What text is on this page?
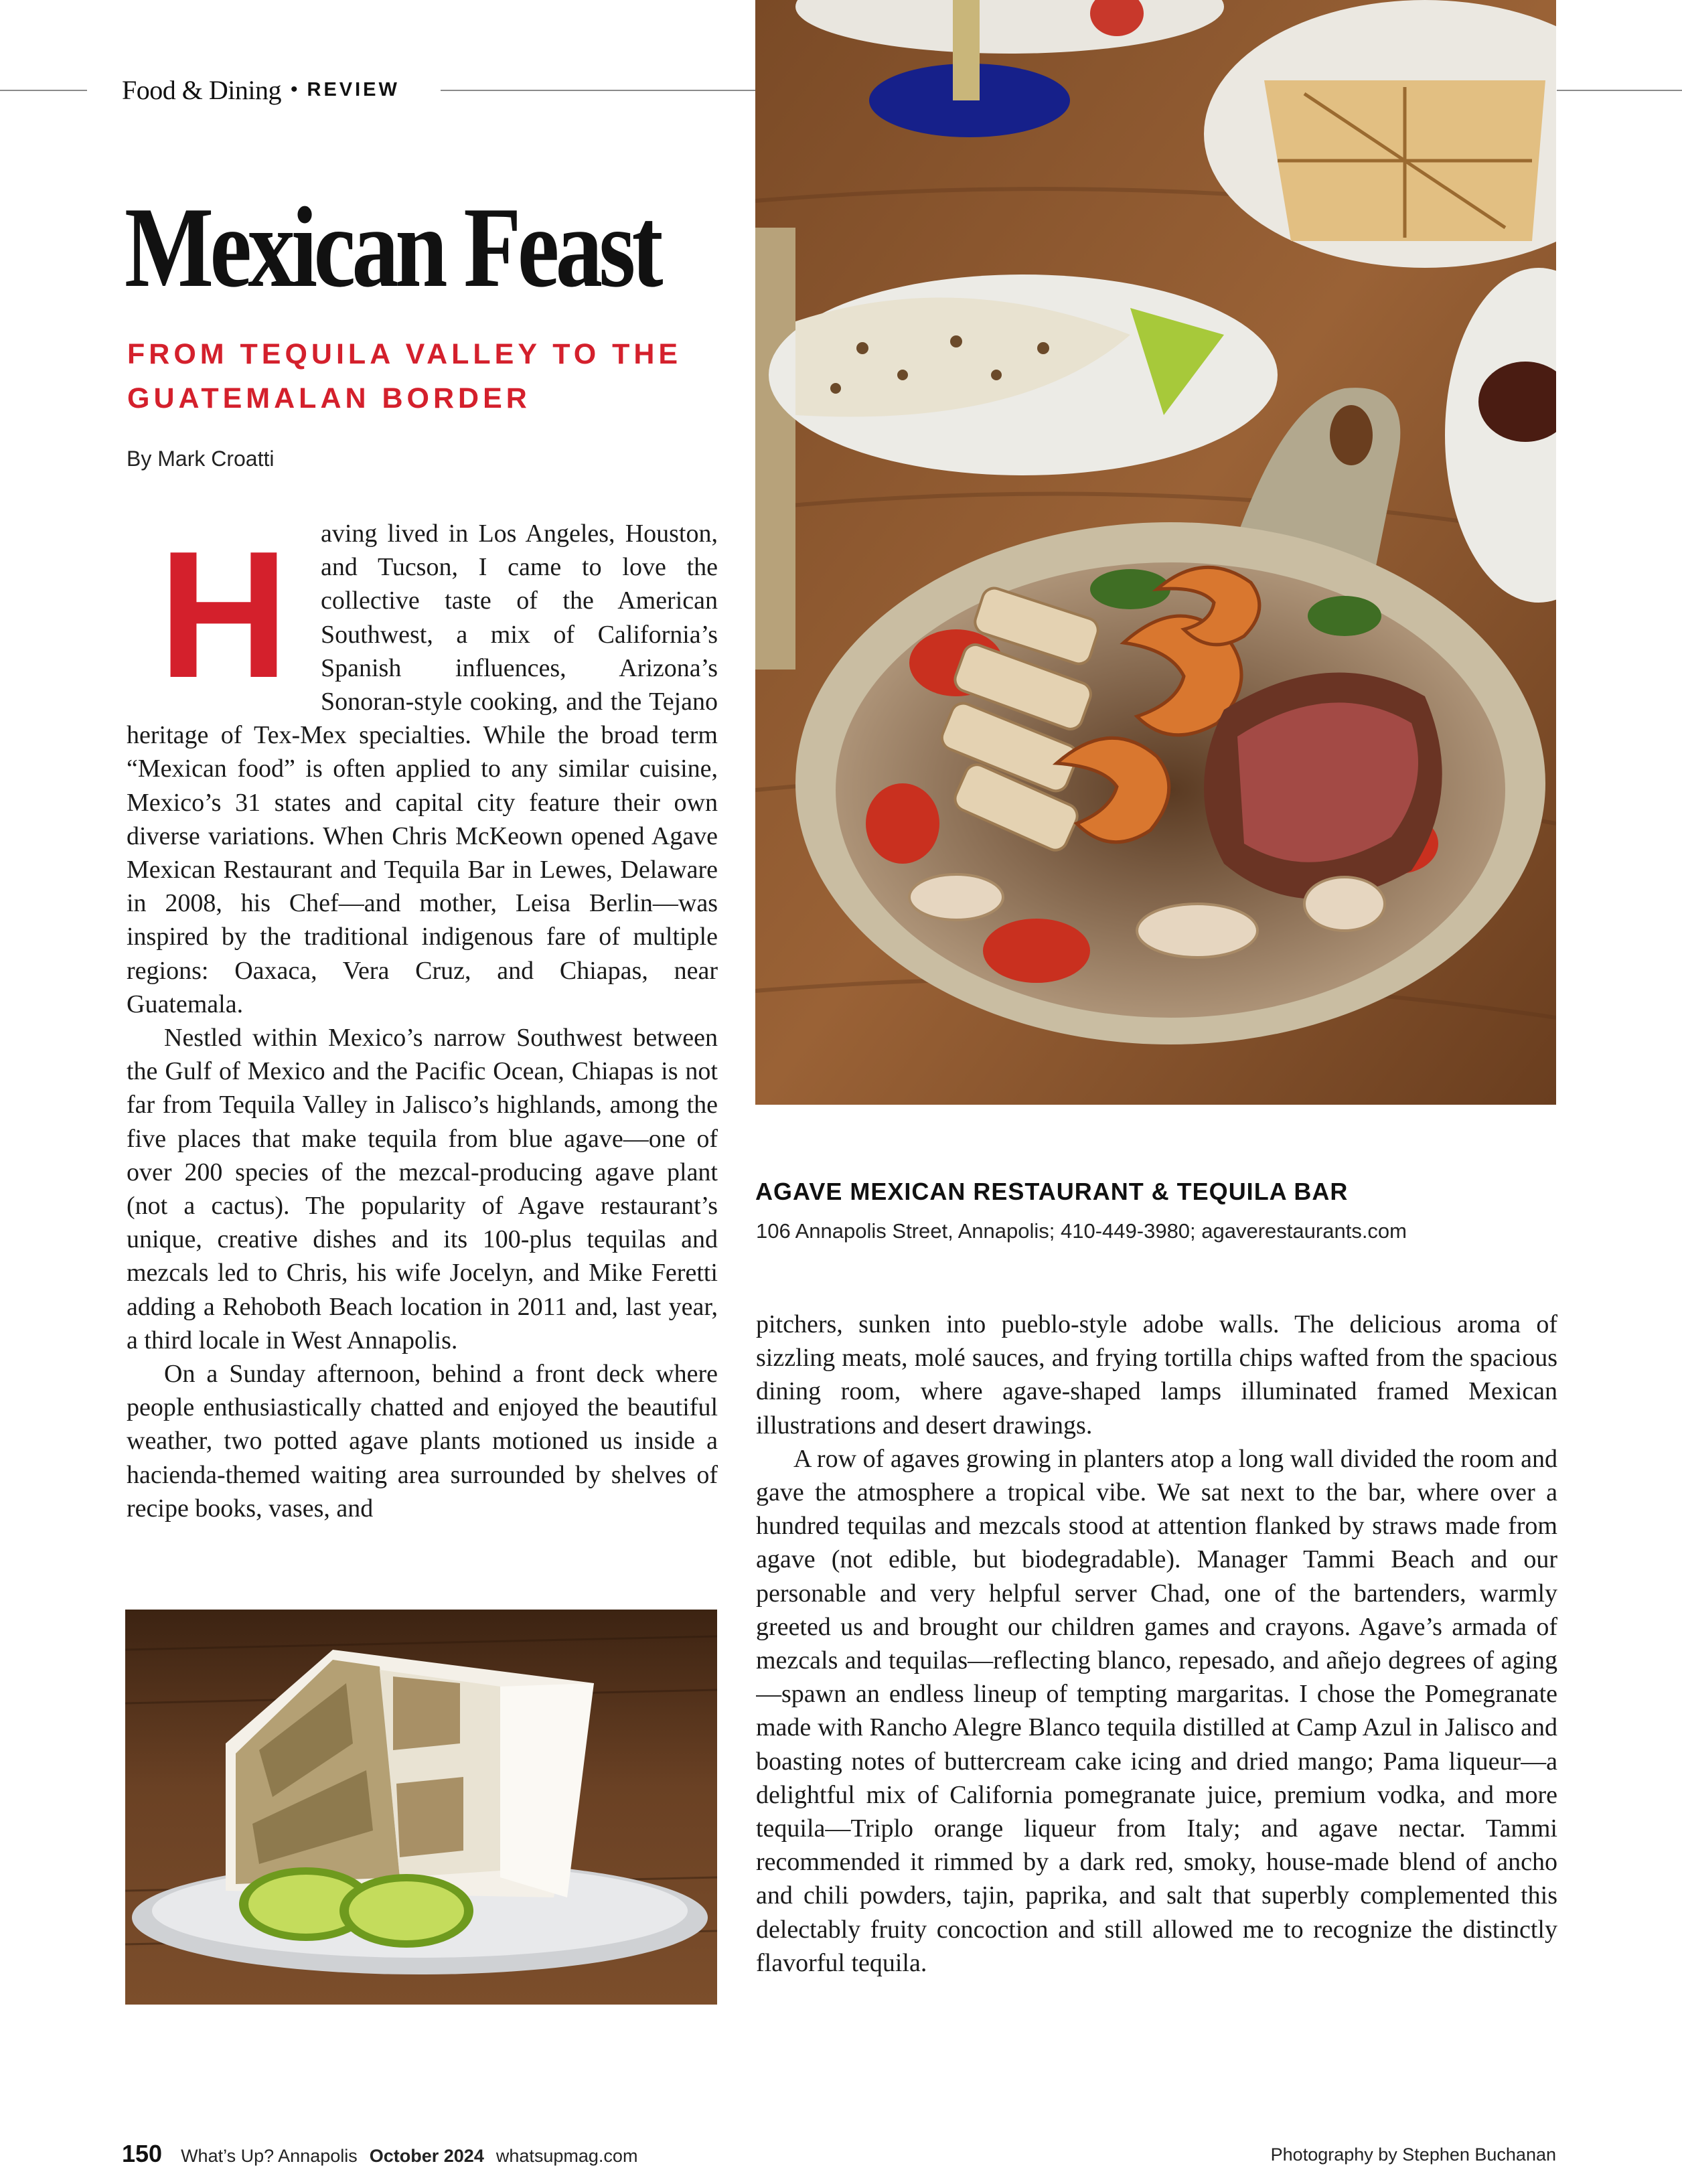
Food & Dining • REVIEW
Mexican Feast

FROM TEQUILA VALLEY TO THE GUATEMALAN BORDER

By Mark Croatti

H	aving lived in Los Angeles, Houston, and Tucson, I came to love the collective taste of the American Southwest, a mix of California’s Spanish influences, Arizona’s Sonoran-style cooking, and the Tejano heritage of Tex-Mex specialties. While the broad term “Mexican food” is often applied to any similar cuisine, Mexico’s 31 states and capital city feature their own diverse variations. When Chris McKeown opened Agave Mexican Restaurant and Tequila Bar in Lewes, Delaware in 2008, his Chef—and mother, Leisa Berlin—was inspired by the traditional indigenous fare of multiple regions: Oaxaca, Vera Cruz, and Chiapas, near Guatemala.

Nestled within Mexico’s narrow Southwest between the Gulf of Mexico and the Pacific Ocean, Chiapas is not far from Tequila Valley in Jalisco’s highlands, among the five places that make tequila from blue agave—one of over 200 species of the mezcal-producing agave plant (not a cactus). The popularity of Agave restaurant’s unique, creative dishes and its 100-plus tequilas and mezcals led to Chris, his wife Jocelyn, and Mike Feretti adding a Rehoboth Beach location in 2011 and, last year, a third locale in West Annapolis.

On a Sunday afternoon, behind a front deck where people enthusiastically chatted and enjoyed the beautiful weather, two potted agave plants motioned us inside a hacienda-themed waiting area surrounded by shelves of recipe books, vases, and

AGAVE MEXICAN RESTAURANT & TEQUILA BAR

106 Annapolis Street, Annapolis; 410-449-3980; agaverestaurants.com

pitchers, sunken into pueblo-style adobe walls. The delicious aroma of sizzling meats, molé sauces, and frying tortilla chips wafted from the spacious dining room, where agave-shaped lamps illuminated framed Mexican illustrations and desert drawings.

A row of agaves growing in planters atop a long wall divided the room and gave the atmosphere a tropical vibe. We sat next to the bar, where over a hundred tequilas and mezcals stood at attention flanked by straws made from agave (not edible, but biodegradable). Manager Tammi Beach and our personable and very helpful server Chad, one of the bartenders, warmly greeted us and brought our children games and crayons. Agave’s armada of mezcals and tequilas—reflecting blanco, repesado, and añejo degrees of aging—spawn an endless lineup of tempting margaritas. I chose the Pomegranate made with Rancho Alegre Blanco tequila distilled at Camp Azul in Jalisco and boasting notes of buttercream cake icing and dried mango; Pama liqueur—a delightful mix of California pomegranate juice, premium vodka, and more tequila—Triplo orange liqueur from Italy; and agave nectar. Tammi recommended it rimmed by a dark red, smoky, house-made blend of ancho and chili powders, tajin, paprika, and salt that superbly complemented this delectably fruity concoction and still allowed me to recognize the distinctly flavorful tequila.

150 What’s Up? Annapolis October 2024 whatsupmag.com	Photography by Stephen Buchanan
